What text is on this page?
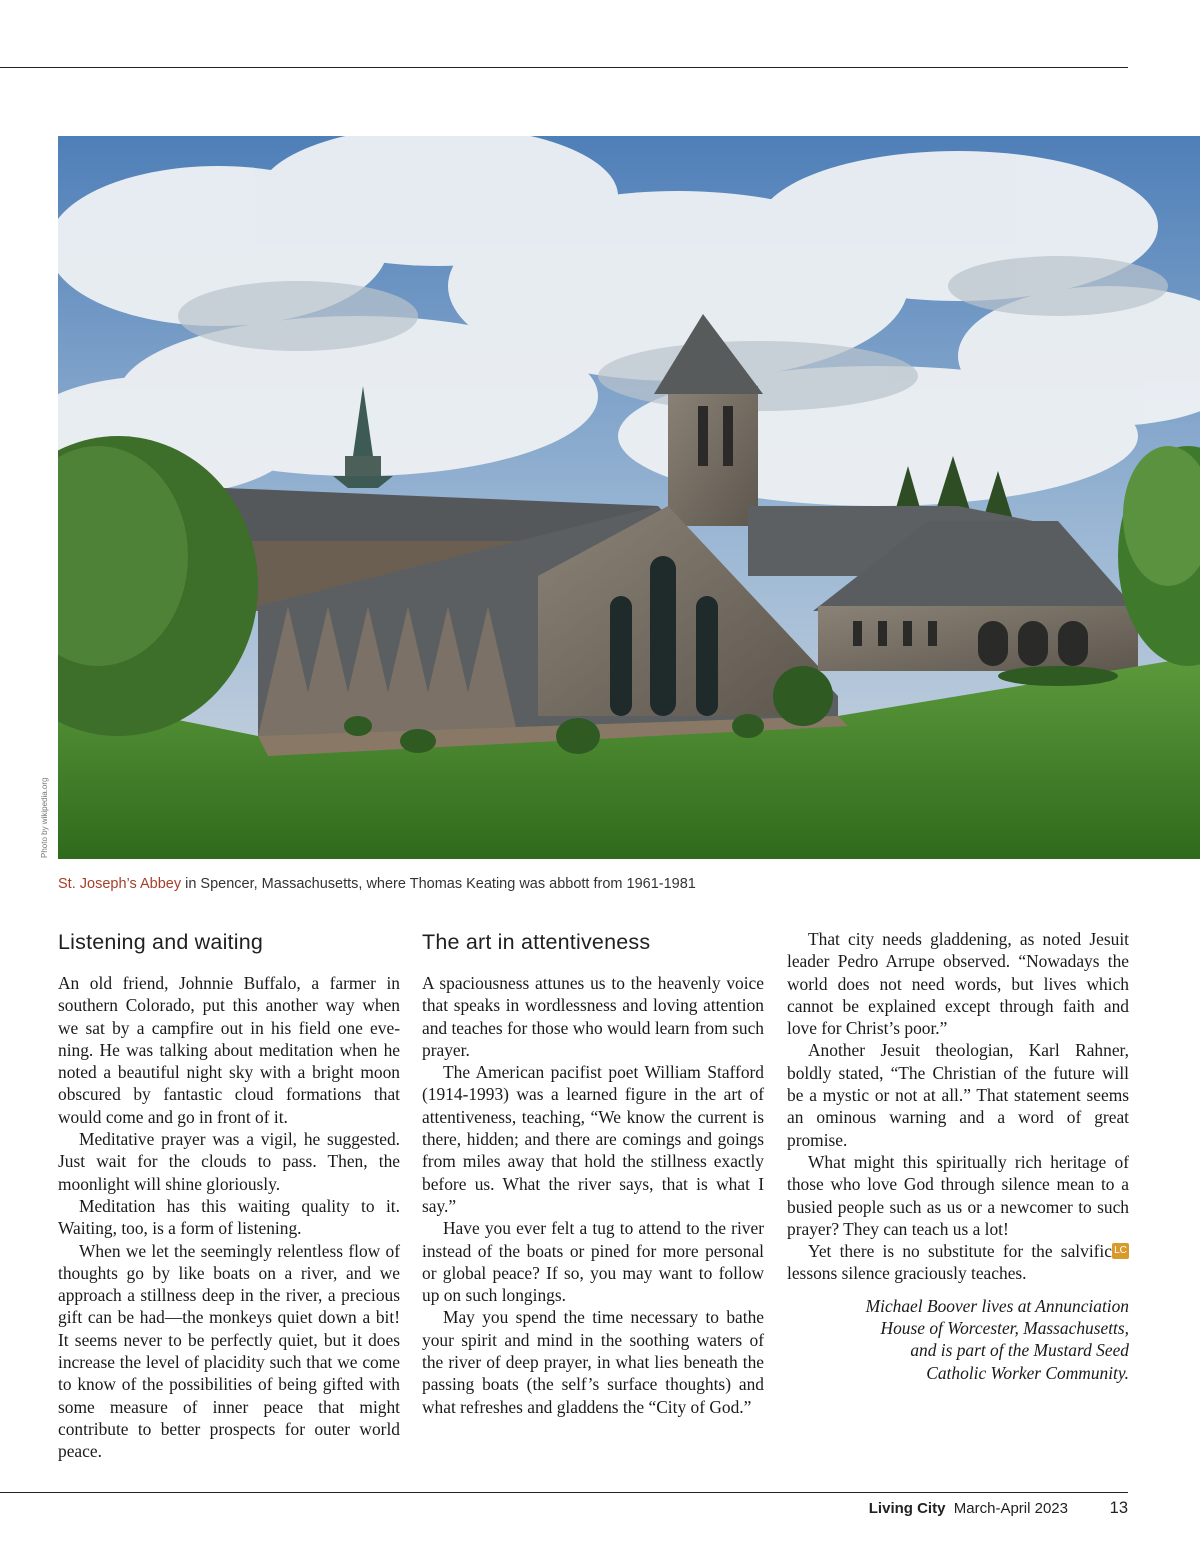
Photo by wikipedia.org
St. Joseph’s Abbey in Spencer, Massachusetts, where Thomas Keating was abbott from 1961-1981
Listening and waiting

An old friend, Johnnie Buffalo, a farmer in southern Colorado, put this another way when we sat by a campfire out in his field one evening. He was talking about meditation when he noted a beautiful night sky with a bright moon obscured by fantastic cloud formations that would come and go in front of it.

Meditative prayer was a vigil, he suggested. Just wait for the clouds to pass. Then, the moonlight will shine gloriously.

Meditation has this waiting quality to it. Waiting, too, is a form of listening.

When we let the seemingly relentless flow of thoughts go by like boats on a river, and we approach a stillness deep in the river, a precious gift can be had—the monkeys quiet down a bit! It seems never to be perfectly quiet, but it does increase the level of placidity such that we come to know of the possibilities of being gifted with some measure of inner peace that might contribute to better prospects for outer world peace.

The art in attentiveness

A spaciousness attunes us to the heavenly voice that speaks in wordlessness and loving attention and teaches for those who would learn from such prayer.

The American pacifist poet William Stafford (1914-1993) was a learned figure in the art of attentiveness, teaching, “We know the current is there, hidden; and there are comings and goings from miles away that hold the stillness exactly before us. What the river says, that is what I say.”

Have you ever felt a tug to attend to the river instead of the boats or pined for more personal or global peace? If so, you may want to follow up on such longings.

May you spend the time necessary to bathe your spirit and mind in the soothing waters of the river of deep prayer, in what lies beneath the passing boats (the self’s surface thoughts) and what refreshes and gladdens the “City of God.”

That city needs gladdening, as noted Jesuit leader Pedro Arrupe observed. “Nowadays the world does not need words, but lives which cannot be explained except through faith and love for Christ’s poor.”

Another Jesuit theologian, Karl Rahner, boldly stated, “The Christian of the future will be a mystic or not at all.” That statement seems an ominous warning and a word of great promise.

What might this spiritually rich heritage of those who love God through silence mean to a busied people such as us or a newcomer to such prayer? They can teach us a lot!

LC
Yet there is no substitute for the salvific lessons silence graciously teaches.

Michael Boover lives at Annunciation
House of Worcester, Massachusetts,
and is part of the Mustard Seed
Catholic Worker Community.
Living City March-April 2023	13
